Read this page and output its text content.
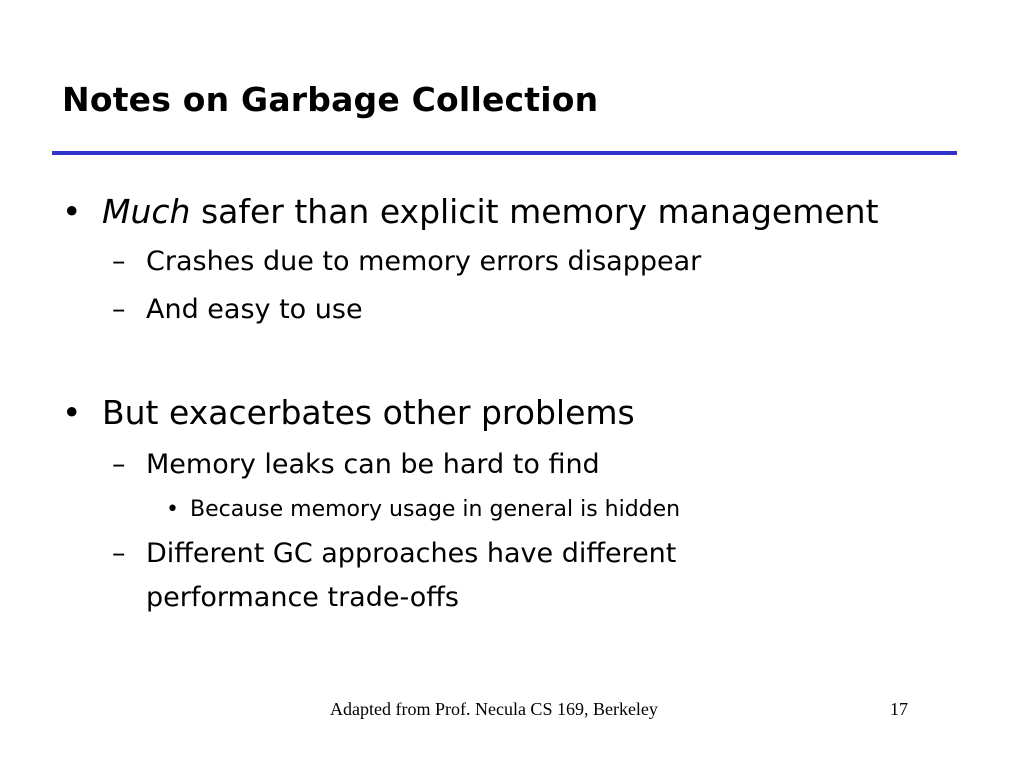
Notes on Garbage Collection
• Much safer than explicit memory management
– Crashes due to memory errors disappear
– And easy to use
• But exacerbates other problems
– Memory leaks can be hard to find
• Because memory usage in general is hidden
– Different GC approaches have different
performance trade-offs
Adapted from Prof. Necula CS 169, Berkeley	17
